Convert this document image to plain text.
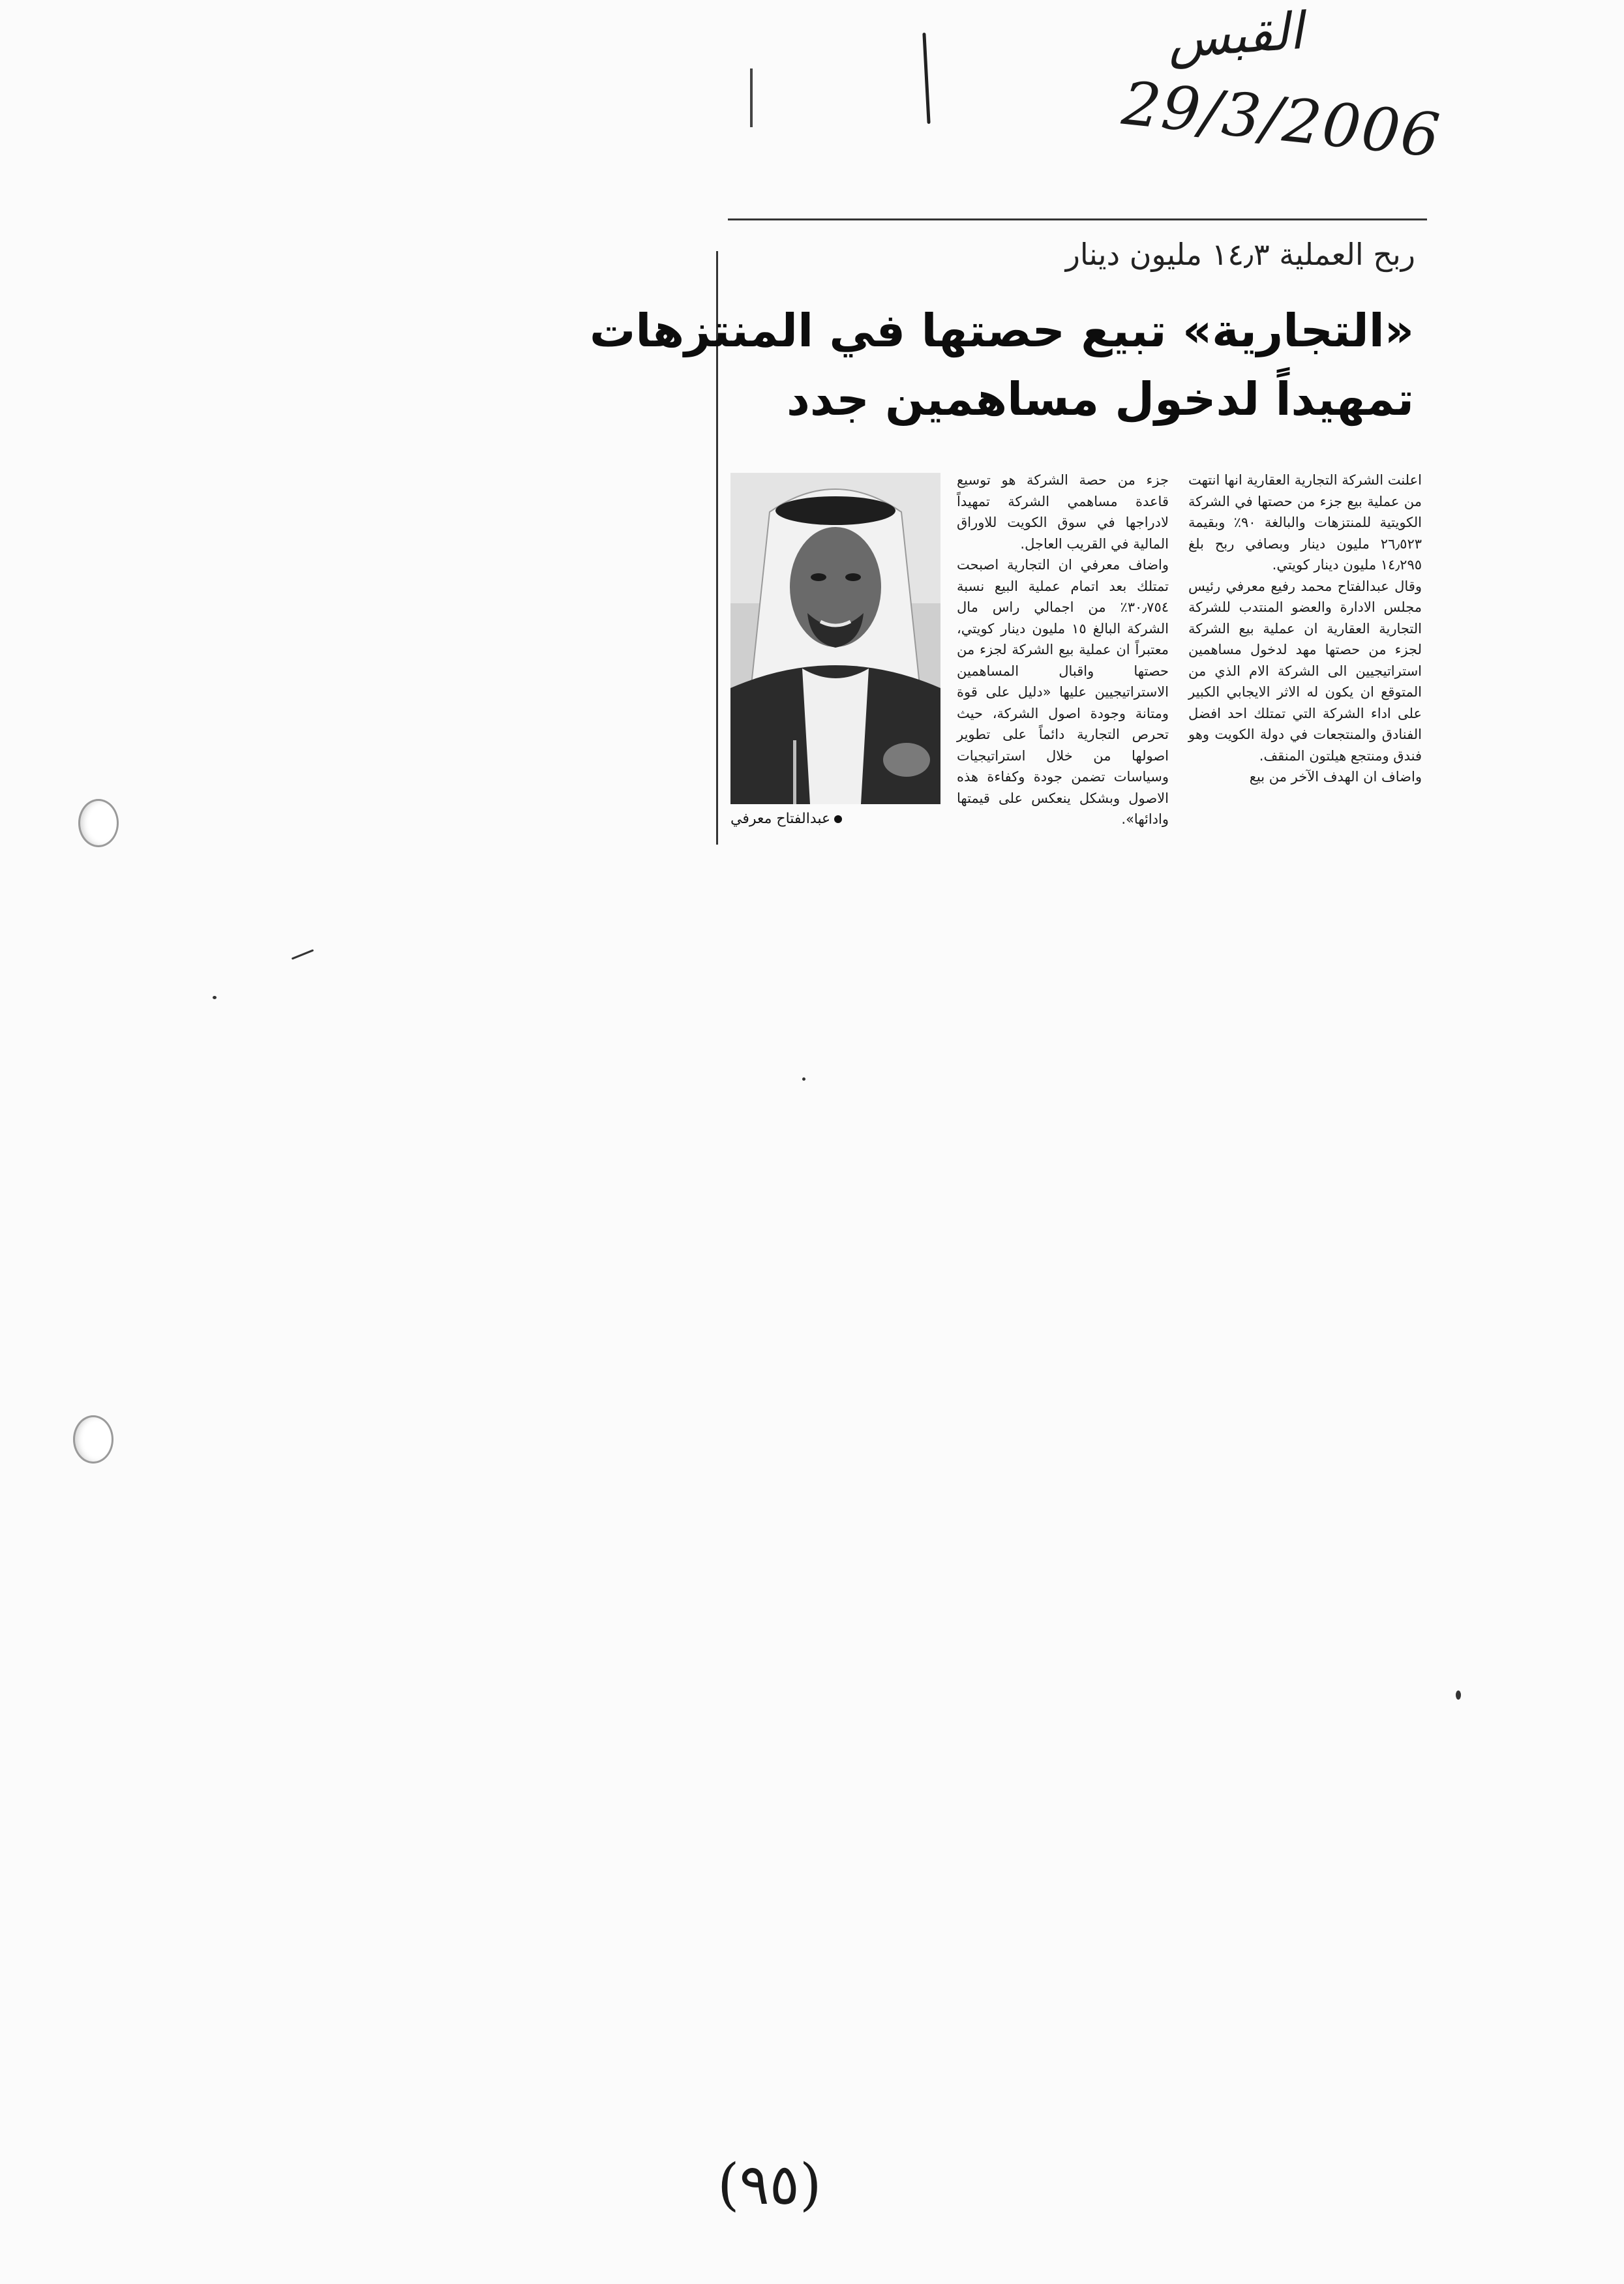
القبس
29/3/2006
ربح العملية ١٤٫٣ مليون دينار
«التجارية» تبيع حصتها في المنتزهات
تمهيداً لدخول مساهمين جدد
اعلنت الشركة التجارية العقارية انها انتهت من عملية بيع جزء من حصتها في الشركة الكويتية للمنتزهات والبالغة ٩٠٪ وبقيمة ٢٦٫٥٢٣ مليون دينار وبصافي ربح بلغ ١٤٫٢٩٥ مليون دينار كويتي.
وقال عبدالفتاح محمد رفيع معرفي رئيس مجلس الادارة والعضو المنتدب للشركة التجارية العقارية ان عملية بيع الشركة لجزء من حصتها مهد لدخول مساهمين استراتيجيين الى الشركة الام الذي من المتوقع ان يكون له الاثر الايجابي الكبير على اداء الشركة التي تمتلك احد افضل الفنادق والمنتجعات في دولة الكويت وهو فندق ومنتجع هيلتون المنقف.
واضاف ان الهدف الآخر من بيع
جزء من حصة الشركة هو توسيع قاعدة مساهمي الشركة تمهيداً لادراجها في سوق الكويت للاوراق المالية في القريب العاجل.
واضاف معرفي ان التجارية اصبحت تمتلك بعد اتمام عملية البيع نسبة ٣٠٫٧٥٤٪ من اجمالي راس مال الشركة البالغ ١٥ مليون دينار كويتي، معتبراً ان عملية بيع الشركة لجزء من حصتها واقبال المساهمين الاستراتيجيين عليها «دليل على قوة ومتانة وجودة اصول الشركة، حيث تحرص التجارية دائماً على تطوير اصولها من خلال استراتيجيات وسياسات تضمن جودة وكفاءة هذه الاصول وبشكل ينعكس على قيمتها وادائها».
عبدالفتاح معرفي
(٩٥)
